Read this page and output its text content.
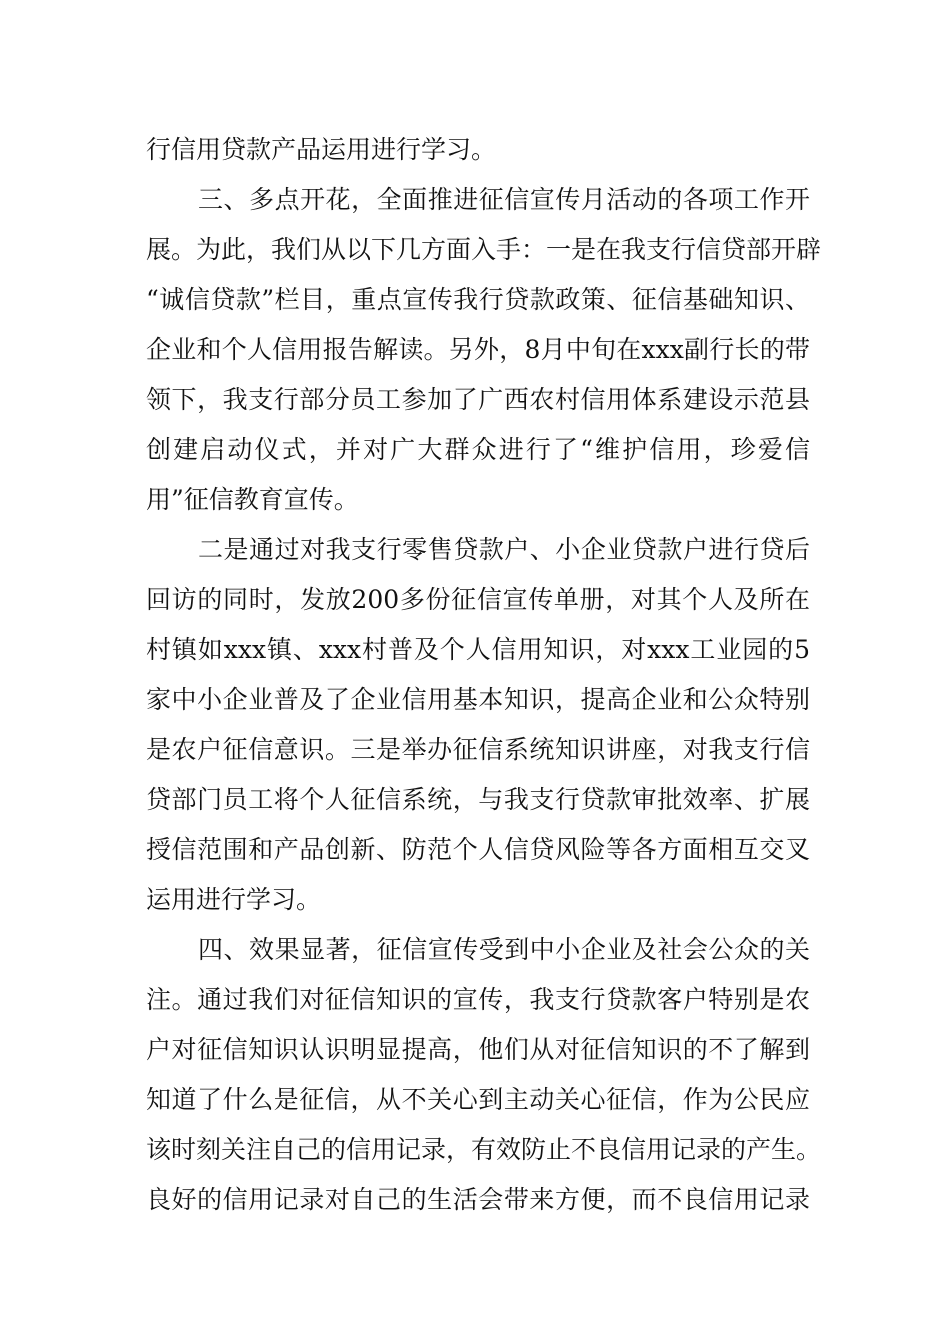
行信用贷款产品运用进行学习。
三、多点开花，全面推进征信宣传月活动的各项工作开
展。为此，我们从以下几方面入手：一是在我支行信贷部开辟
“诚信贷款”栏目，重点宣传我行贷款政策、征信基础知识、
企业和个人信用报告解读。另外，8月中旬在xxx副行长的带
领下，我支行部分员工参加了广西农村信用体系建设示范县
创建启动仪式，并对广大群众进行了“维护信用，珍爱信
用”征信教育宣传。
二是通过对我支行零售贷款户、小企业贷款户进行贷后
回访的同时，发放200多份征信宣传单册，对其个人及所在
村镇如xxx镇、xxx村普及个人信用知识，对xxx工业园的5
家中小企业普及了企业信用基本知识，提高企业和公众特别
是农户征信意识。三是举办征信系统知识讲座，对我支行信
贷部门员工将个人征信系统，与我支行贷款审批效率、扩展
授信范围和产品创新、防范个人信贷风险等各方面相互交叉
运用进行学习。
四、效果显著，征信宣传受到中小企业及社会公众的关
注。通过我们对征信知识的宣传，我支行贷款客户特别是农
户对征信知识认识明显提高，他们从对征信知识的不了解到
知道了什么是征信，从不关心到主动关心征信，作为公民应
该时刻关注自己的信用记录，有效防止不良信用记录的产生。
良好的信用记录对自己的生活会带来方便，而不良信用记录
